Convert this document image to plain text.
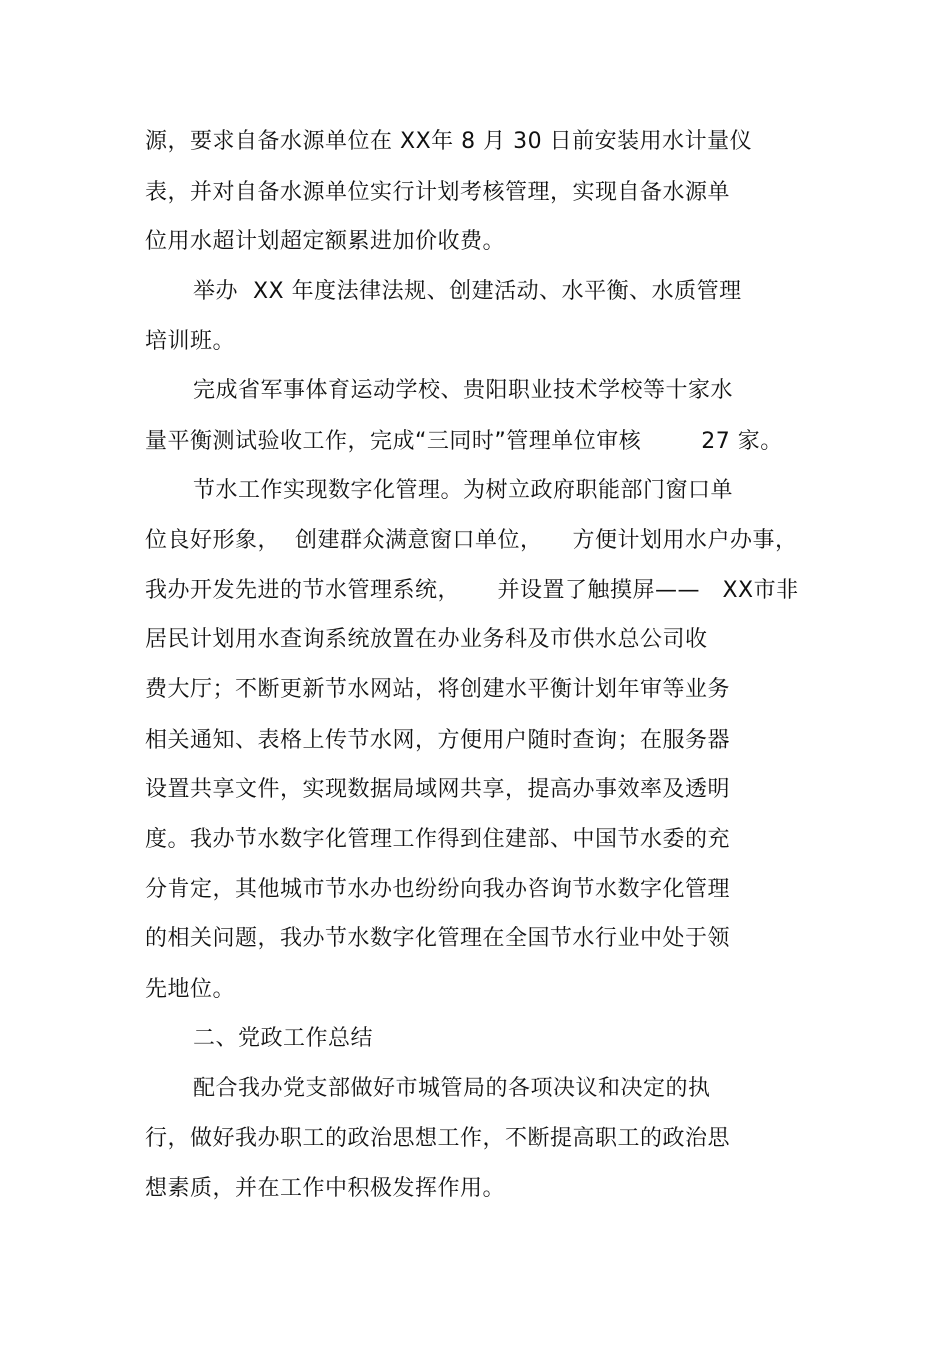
源，要求自备水源单位在 XX年 8 月 30 日前安装用水计量仪
表，并对自备水源单位实行计划考核管理，实现自备水源单
位用水超计划超定额累进加价收费。
举办  XX 年度法律法规、创建活动、水平衡、水质管理
培训班。
完成省军事体育运动学校、贵阳职业技术学校等十家水
量平衡测试验收工作，完成“三同时”管理单位审核        27 家。
节水工作实现数字化管理。为树立政府职能部门窗口单
位良好形象，  创建群众满意窗口单位，    方便计划用水户办事，
我办开发先进的节水管理系统，     并设置了触摸屏——   XX市非
居民计划用水查询系统放置在办业务科及市供水总公司收
费大厅；不断更新节水网站，将创建水平衡计划年审等业务
相关通知、表格上传节水网，方便用户随时查询；在服务器
设置共享文件，实现数据局域网共享，提高办事效率及透明
度。我办节水数字化管理工作得到住建部、中国节水委的充
分肯定，其他城市节水办也纷纷向我办咨询节水数字化管理
的相关问题，我办节水数字化管理在全国节水行业中处于领
先地位。
二、党政工作总结
配合我办党支部做好市城管局的各项决议和决定的执
行，做好我办职工的政治思想工作，不断提高职工的政治思
想素质，并在工作中积极发挥作用。
